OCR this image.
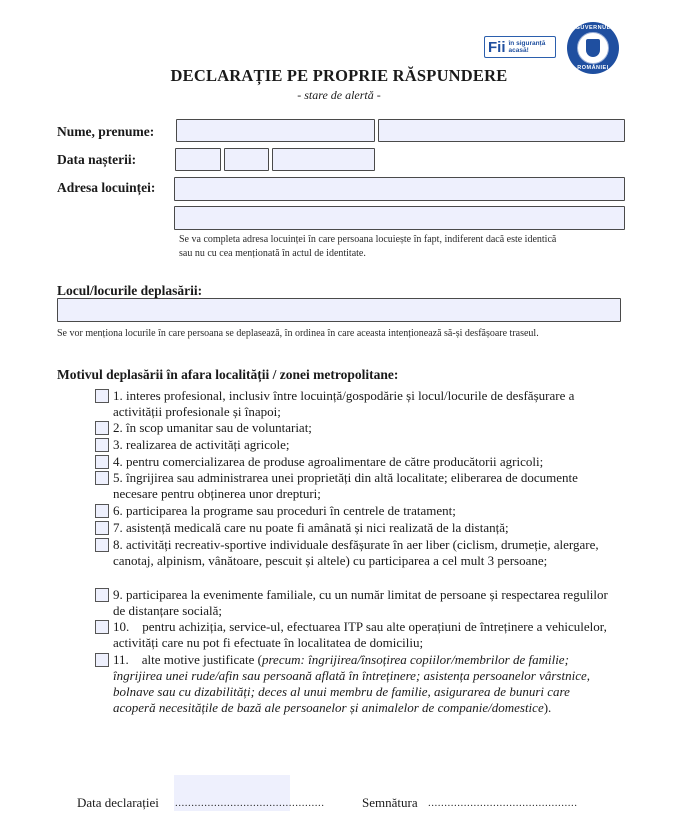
Fii în siguranță
acasă!
GUVERNUL
ROMÂNIEI
DECLARAȚIE PE PROPRIE RĂSPUNDERE
- stare de alertă -
Nume, prenume:
Data nașterii:
Adresa locuinței:
Se va completa adresa locuinței în care persoana locuiește în fapt, indiferent dacă este identică
sau nu cu cea menționată în actul de identitate.
Locul/locurile deplasării:
Se vor menționa locurile în care persoana se deplasează, în ordinea în care aceasta intenționează să-și desfășoare traseul.
Motivul deplasării în afara localității / zonei metropolitane:
1. interes profesional, inclusiv între locuință/gospodărie și locul/locurile de desfășurare a activității profesionale și înapoi;
2. în scop umanitar sau de voluntariat;
3. realizarea de activități agricole;
4. pentru comercializarea de produse agroalimentare de către producătorii agricoli;
5. îngrijirea sau administrarea unei proprietăți din altă localitate; eliberarea de documente necesare pentru obținerea unor drepturi;
6. participarea la programe sau proceduri în centrele de tratament;
7. asistență medicală care nu poate fi amânată și nici realizată de la distanță;
8. activități recreativ-sportive individuale desfășurate în aer liber (ciclism, drumeție, alergare, canotaj, alpinism, vânătoare, pescuit și altele) cu participarea a cel mult 3 persoane;
9. participarea la evenimente familiale, cu un număr limitat de persoane și respectarea regulilor de distanțare socială;
10.    pentru achiziția, service-ul, efectuarea ITP sau alte operațiuni de întreținere a vehiculelor, activități care nu pot fi efectuate în localitatea de domiciliu;
11.    alte motive justificate (precum: îngrijirea/însoțirea copiilor/membrilor de familie; îngrijirea unei rude/afin sau persoană aflată în întreținere; asistența persoanelor vârstnice, bolnave sau cu dizabilități; deces al unui membru de familie, asigurarea de bunuri care acoperă necesitățile de bază ale persoanelor și animalelor de companie/domestice).
Data declarației ..............................................	Semnătura ..............................................
